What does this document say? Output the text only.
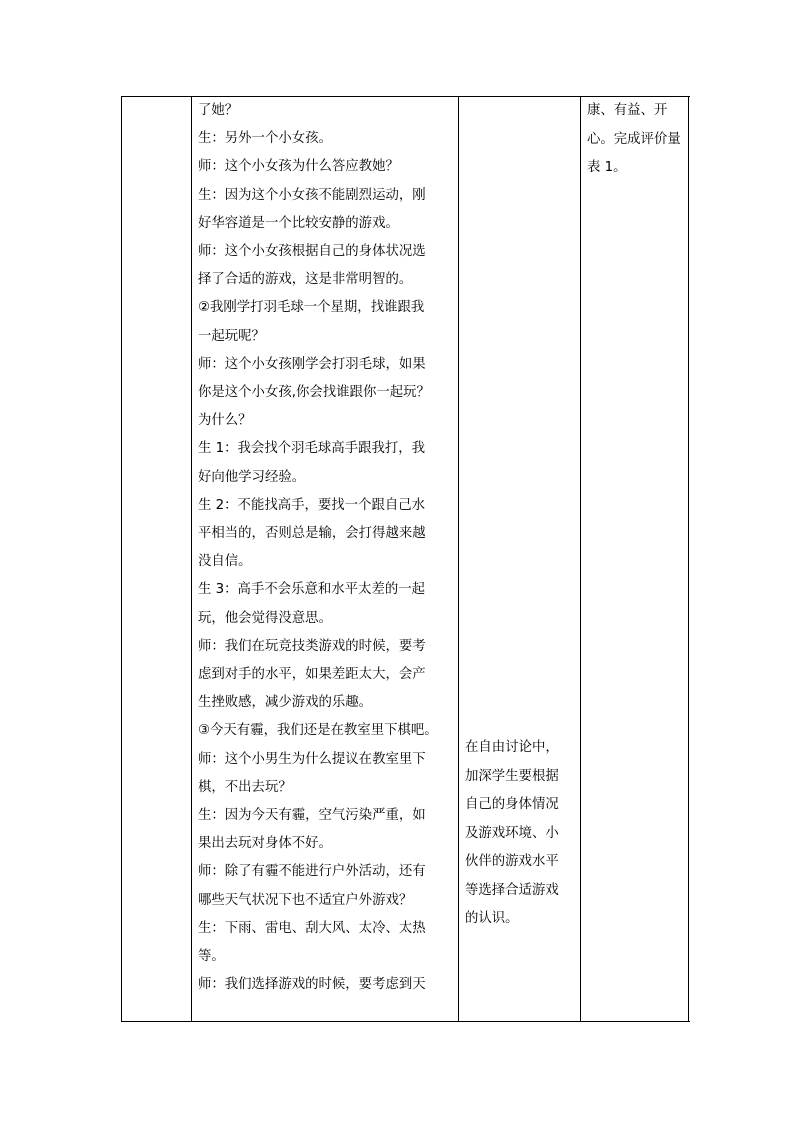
了她？

生：另外一个小女孩。

师：这个小女孩为什么答应教她？

生：因为这个小女孩不能剧烈运动，刚

好华容道是一个比较安静的游戏。

师：这个小女孩根据自己的身体状况选

择了合适的游戏，这是非常明智的。

②我刚学打羽毛球一个星期，找谁跟我

一起玩呢？

师：这个小女孩刚学会打羽毛球，如果

你是这个小女孩,你会找谁跟你一起玩？

为什么？

生 1：我会找个羽毛球高手跟我打，我

好向他学习经验。

生 2：不能找高手，要找一个跟自己水

平相当的，否则总是输，会打得越来越

没自信。

生 3：高手不会乐意和水平太差的一起

玩，他会觉得没意思。

师：我们在玩竞技类游戏的时候，要考

虑到对手的水平，如果差距太大，会产

生挫败感，减少游戏的乐趣。

③今天有霾，我们还是在教室里下棋吧。

师：这个小男生为什么提议在教室里下

棋，不出去玩？

生：因为今天有霾，空气污染严重，如

果出去玩对身体不好。

师：除了有霾不能进行户外活动，还有

哪些天气状况下也不适宜户外游戏？

生：下雨、雷电、刮大风、太冷、太热

等。

师：我们选择游戏的时候，要考虑到天

在自由讨论中，

加深学生要根据

自己的身体情况

及游戏环境、小

伙伴的游戏水平

等选择合适游戏

的认识。

康、有益、开

心。完成评价量

表 1。
